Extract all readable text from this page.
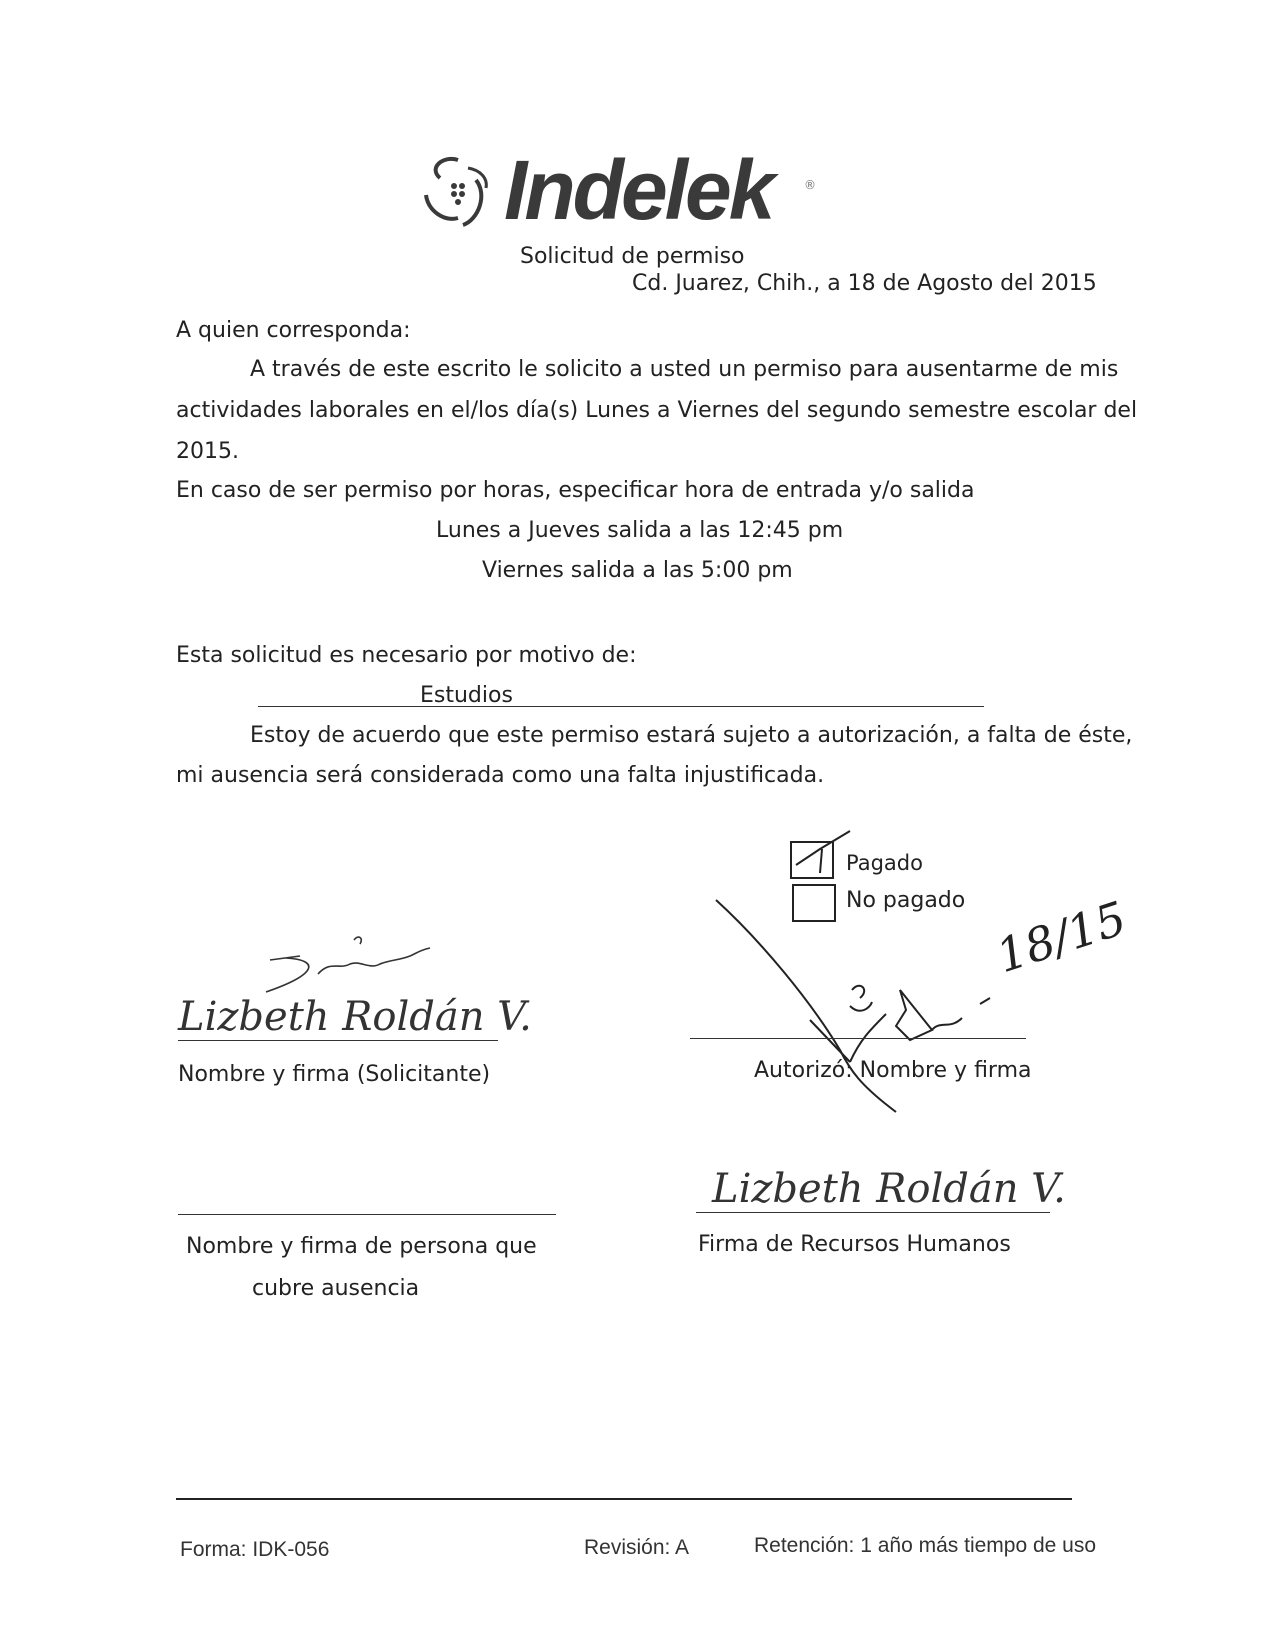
Indelek	®
Solicitud de permiso
Cd. Juarez, Chih., a 18 de Agosto del 2015
A quien corresponda:
A través de este escrito le solicito a usted un permiso para ausentarme de mis
actividades laborales en el/los día(s) Lunes a Viernes del segundo semestre escolar del
2015.
En caso de ser permiso por horas, especificar hora de entrada y/o salida
Lunes a Jueves salida a las 12:45 pm
Viernes salida a las 5:00 pm
Esta solicitud es necesario por motivo de:
Estudios
Estoy de acuerdo que este permiso estará sujeto a autorización, a falta de éste,
mi ausencia será considerada como una falta injustificada.
Pagado
No pagado
Lizbeth Roldán V.
Nombre y firma (Solicitante)
18/15
Autorizó: Nombre y firma
Nombre y firma de persona que
cubre ausencia
Lizbeth Roldán V.
Firma de Recursos Humanos
Forma: IDK-056	Revisión: A	Retención: 1 año más tiempo de uso
